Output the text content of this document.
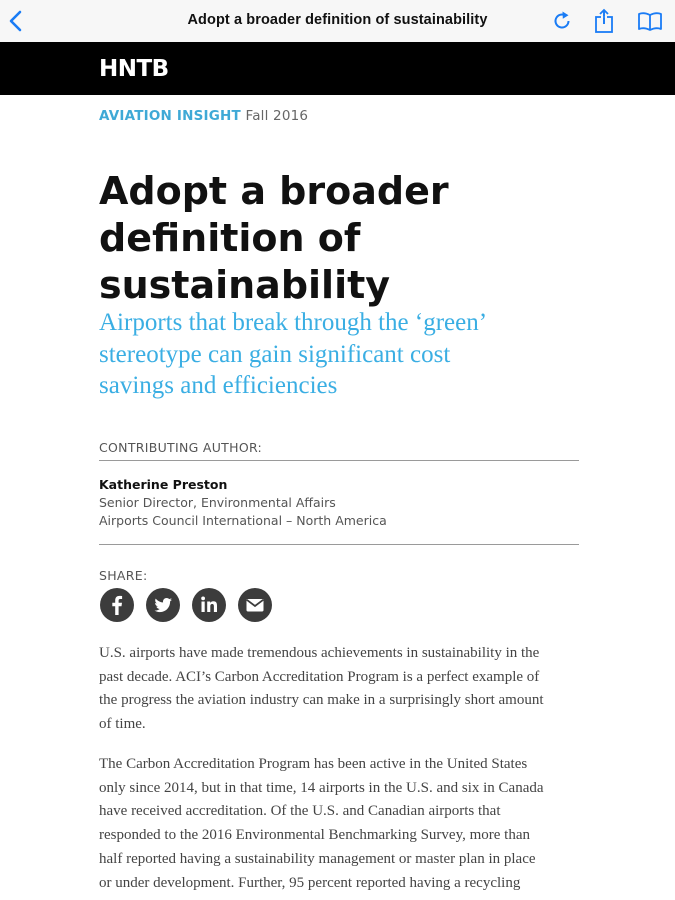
Adopt a broader definition of sustainability
HNTB
AVIATION INSIGHT Fall 2016
Adopt a broader
definition of
sustainability
Airports that break through the ‘green’
stereotype can gain significant cost
savings and efficiencies
CONTRIBUTING AUTHOR:
Katherine Preston
Senior Director, Environmental Affairs
Airports Council International – North America
SHARE:
U.S. airports have made tremendous achievements in sustainability in the
past decade. ACI’s Carbon Accreditation Program is a perfect example of
the progress the aviation industry can make in a surprisingly short amount
of time.
The Carbon Accreditation Program has been active in the United States
only since 2014, but in that time, 14 airports in the U.S. and six in Canada
have received accreditation. Of the U.S. and Canadian airports that
responded to the 2016 Environmental Benchmarking Survey, more than
half reported having a sustainability management or master plan in place
or under development. Further, 95 percent reported having a recycling
